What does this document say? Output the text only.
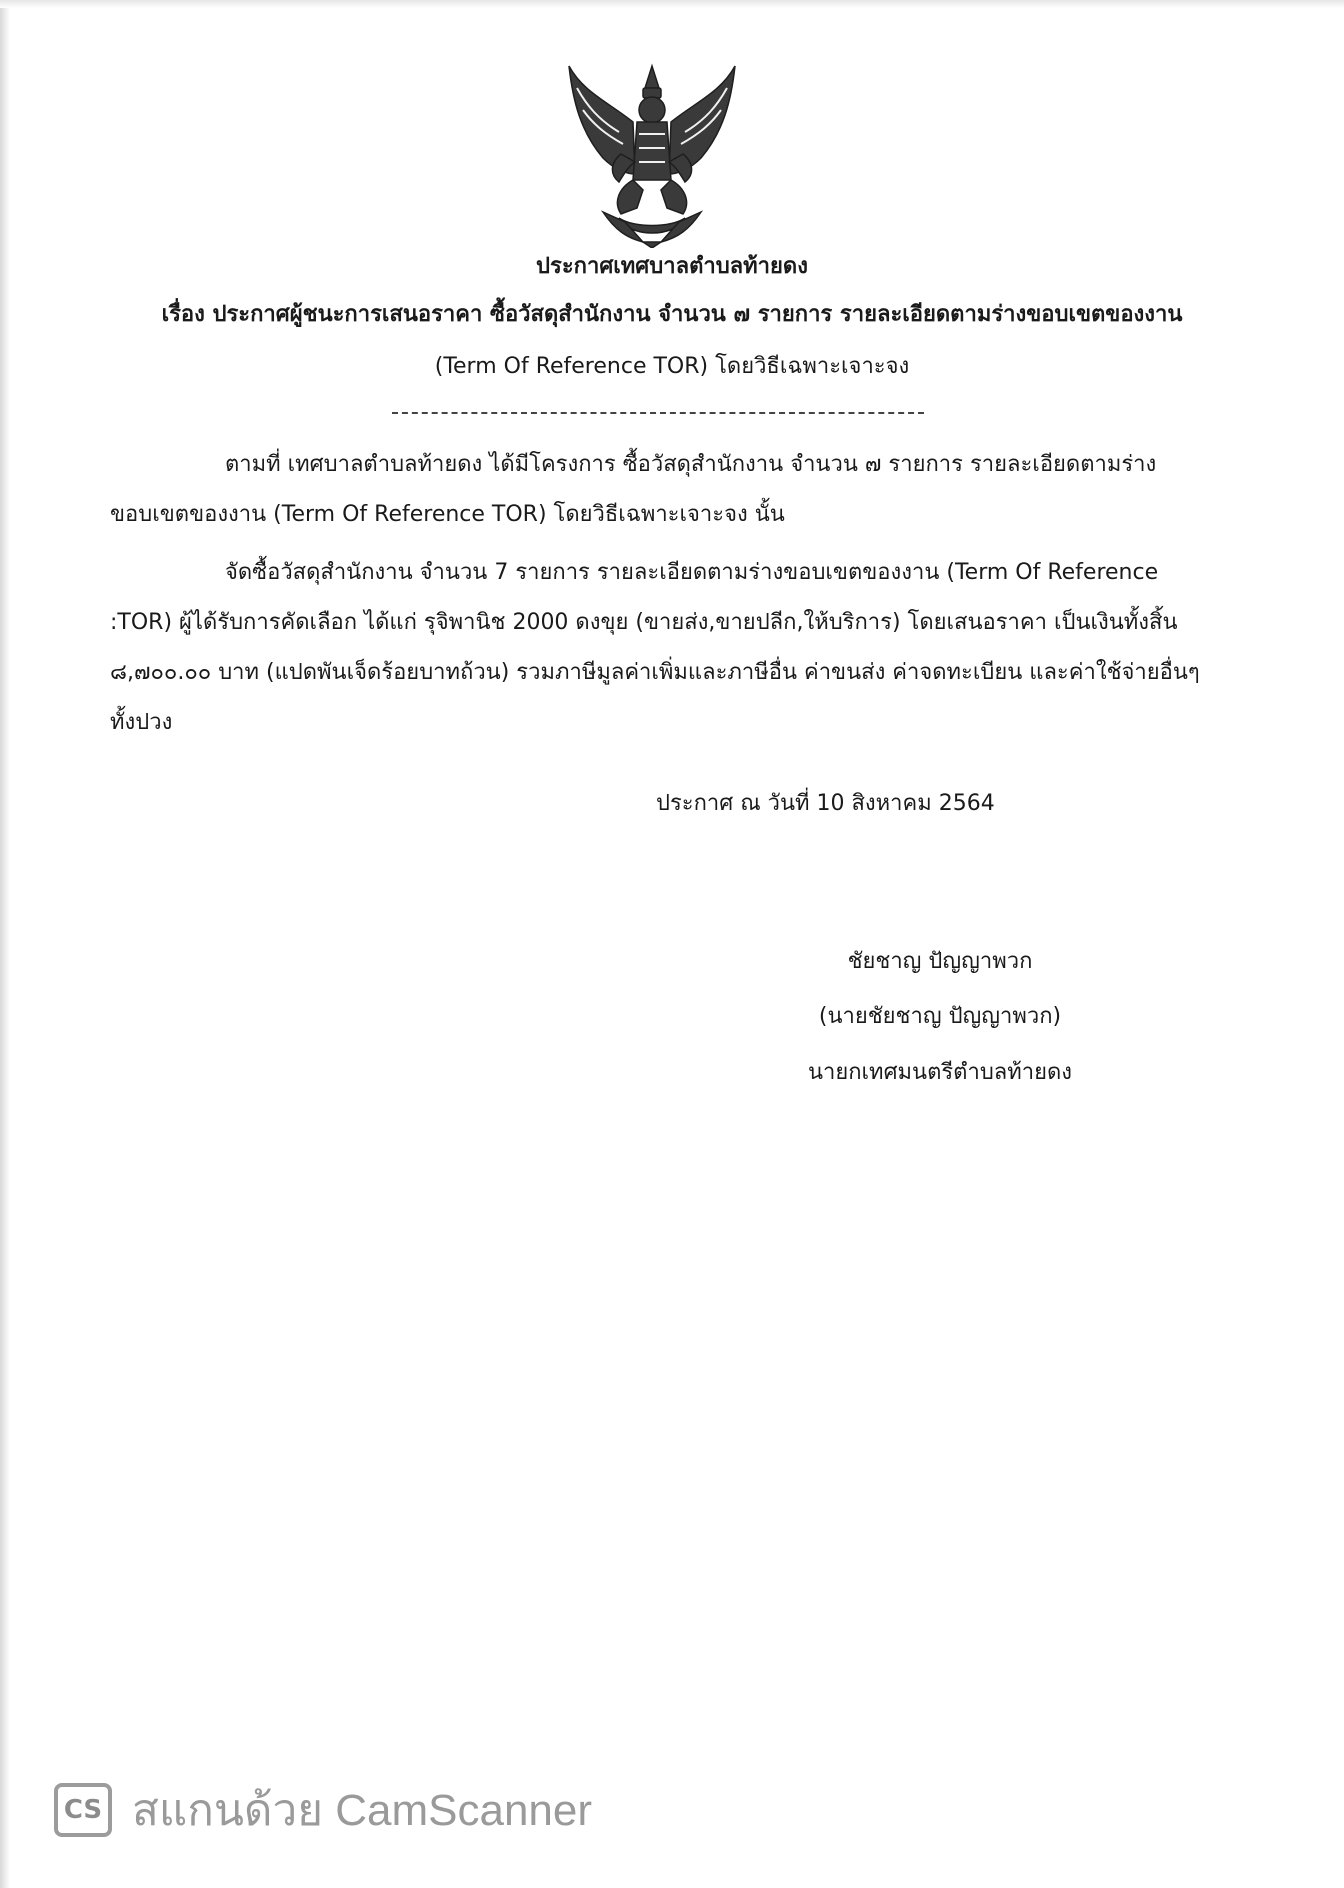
ประกาศเทศบาลตำบลท้ายดง
เรื่อง ประกาศผู้ชนะการเสนอราคา ซื้อวัสดุสำนักงาน จำนวน ๗ รายการ รายละเอียดตามร่างขอบเขตของงาน
(Term Of Reference TOR) โดยวิธีเฉพาะเจาะจง
ตามที่ เทศบาลตำบลท้ายดง ได้มีโครงการ ซื้อวัสดุสำนักงาน จำนวน ๗ รายการ รายละเอียดตามร่างขอบเขตของงาน (Term Of Reference TOR) โดยวิธีเฉพาะเจาะจง นั้น
จัดซื้อวัสดุสำนักงาน จำนวน 7 รายการ รายละเอียดตามร่างขอบเขตของงาน (Term Of Reference :TOR) ผู้ได้รับการคัดเลือก ได้แก่ รุจิพานิช 2000 ดงขุย (ขายส่ง,ขายปลีก,ให้บริการ) โดยเสนอราคา เป็นเงินทั้งสิ้น ๘,๗๐๐.๐๐ บาท (แปดพันเจ็ดร้อยบาทถ้วน) รวมภาษีมูลค่าเพิ่มและภาษีอื่น ค่าขนส่ง ค่าจดทะเบียน และค่าใช้จ่ายอื่นๆ ทั้งปวง
ประกาศ ณ วันที่ 10 สิงหาคม 2564
ชัยชาญ ปัญญาพวก
(นายชัยชาญ ปัญญาพวก)
นายกเทศมนตรีตำบลท้ายดง
CS สแกนด้วย CamScanner
